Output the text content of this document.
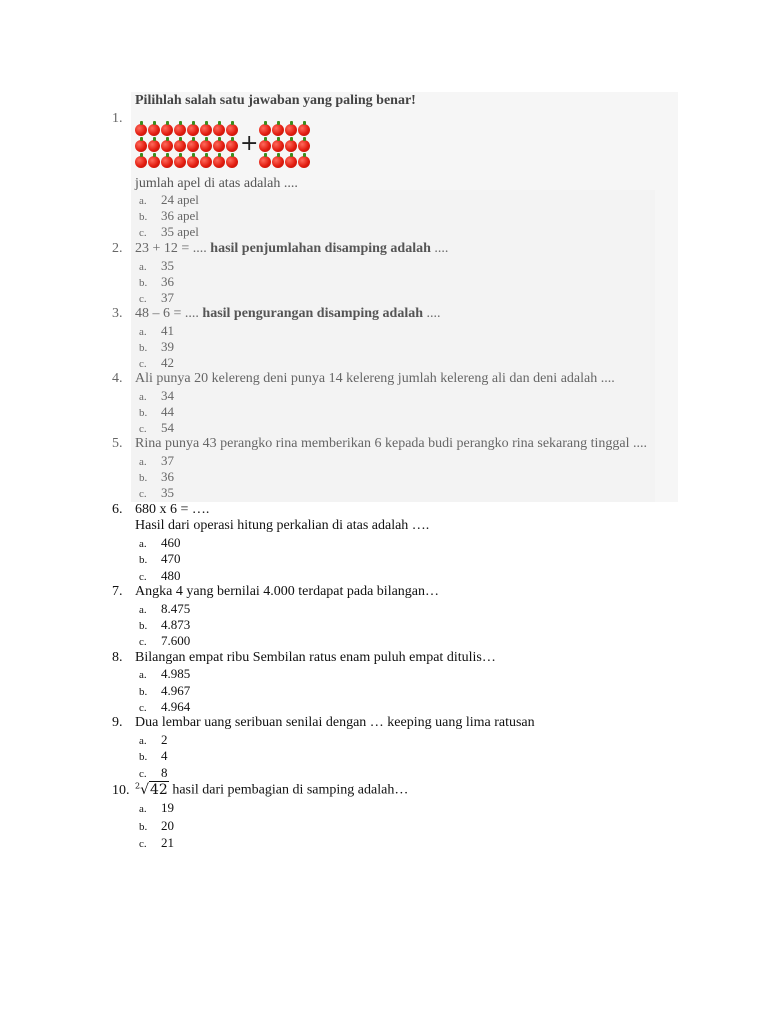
Pilihlah salah satu jawaban yang paling benar!
1.
+
jumlah apel di atas adalah ....
a. 24 apel
b. 36 apel
c. 35 apel
2. 23 + 12 = .... hasil penjumlahan disamping adalah ....
a. 35
b. 36
c. 37
3. 48 – 6 = .... hasil pengurangan disamping adalah ....
a. 41
b. 39
c. 42
4. Ali punya 20 kelereng deni punya 14 kelereng jumlah kelereng ali dan deni adalah ....
a. 34
b. 44
c. 54
5. Rina punya 43 perangko rina memberikan 6 kepada budi perangko rina sekarang tinggal ....
a. 37
b. 36
c. 35
6. 680 x 6 = ….
Hasil dari operasi hitung perkalian di atas adalah ….
a. 460
b. 470
c. 480
7. Angka 4 yang bernilai 4.000 terdapat pada bilangan…
a. 8.475
b. 4.873
c. 7.600
8. Bilangan empat ribu Sembilan ratus enam puluh empat ditulis…
a. 4.985
b. 4.967
c. 4.964
9. Dua lembar uang seribuan senilai dengan … keeping uang lima ratusan
a. 2
b. 4
c. 8
10. $^2$√42 hasil dari pembagian di samping adalah…
a. 19
b. 20
c. 21
